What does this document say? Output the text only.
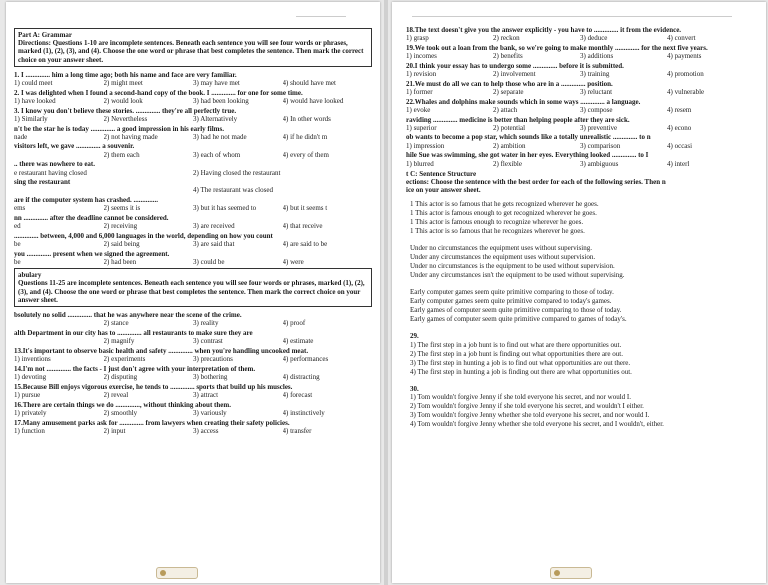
Part A: Grammar
Directions: Questions 1-10 are incomplete sentences. Beneath each sentence you will see four words or phrases, marked (1), (2), (3), and (4). Choose the one word or phrase that best completes the sentence. Then mark the correct choice on your answer sheet.
1. I .............. him a long time ago; both his name and face are very familiar.
1) could meet	2) might meet	3) may have met	4) should have met
2. I was delighted when I found a second-hand copy of the book. I .............. for one for some time.
1) have looked	2) would look	3) had been looking	4) would have looked
3. I know you don't believe these stories. .............. they're all perfectly true.
1) Similarly	2) Nevertheless	3) Alternatively	4) In other words
n't be the star he is today .............. a good impression in his early films.
nade	2) not having made	3) had he not made	4) if he didn't m
visitors left, we gave .............. a souvenir.
2) them each	3) each of whom	4) every of them
.. there was nowhere to eat.
e restaurant having closed	2) Having closed the restaurant
sing the restaurant
4) The restaurant was closed
are if the computer system has crashed. ..............
ems	2) seems it is	3) but it has seemed to	4) but it seems t
nn .............. after the deadline cannot be considered.
ed	2) receiving	3) are received	4) that receive
.............. between, 4,000 and 6,000 languages in the world, depending on how you count
be	2) said being	3) are said that	4) are said to be
you .............. present when we signed the agreement.
be	2) had been	3) could be	4) were
abulary
Questions 11-25 are incomplete sentences. Beneath each sentence you will see four words or phrases, marked (1), (2), (3), and (4). Choose the one word or phrase that best completes the sentence. Then mark the correct choice on your answer sheet.
bsolutely no solid .............. that he was anywhere near the scene of the crime.
2) stance	3) reality	4) proof
alth Department in our city has to .............. all restaurants to make sure they are
2) magnify	3) contrast	4) estimate
13.It's important to observe basic health and safety .............. when you're handling uncooked meat.
1) inventions	2) experiments	3) precautions	4) performances
14.I'm not .............. the facts - I just don't agree with your interpretation of them.
1) devoting	2) disputing	3) bothering	4) distracting
15.Because Bill enjoys vigorous exercise, he tends to .............. sports that build up his muscles.
1) pursue	2) reveal	3) attract	4) forecast
16.There are certain things we do .............., without thinking about them.
1) privately	2) smoothly	3) variously	4) instinctively
17.Many amusement parks ask for .............. from lawyers when creating their safety policies.
1) function	2) input	3) access	4) transfer
18.The text doesn't give you the answer explicitly - you have to .............. it from the evidence.
1) grasp	2) reckon	3) deduce	4) convert
19.We took out a loan from the bank, so we're going to make monthly .............. for the next five years.
1) incomes	2) benefits	3) additions	4) payments
20.I think your essay has to undergo some .............. before it is submitted.
1) revision	2) involvement	3) training	4) promotion
21.We must do all we can to help those who are in a .............. position.
1) former	2) separate	3) reluctant	4) vulnerable
22.Whales and dolphins make sounds which in some ways .............. a language.
1) evoke	2) attach	3) compose	4) resem
raviding .............. medicine is better than helping people after they are sick.
1) superior	2) potential	3) preventive	4) econo
ob wants to become a pop star, which sounds like a totally unrealistic .............. to n
1) impression	2) ambition	3) comparison	4) occasi
hile Sue was swimming, she got water in her eyes. Everything looked .............. to I
1) blurred	2) flexible	3) ambiguous	4) interl
t C: Sentence Structure
ections: Choose the sentence with the best order for each of the following series. Then n
ice on your answer sheet.
1 This actor is so famous that he gets recognized wherever he goes.
1 This actor is famous enough to get recognized wherever he goes.
1 This actor is famous enough to recognize wherever he goes.
1 This actor is so famous that he recognizes wherever he goes.
Under no circumstances the equipment uses without supervising.
Under any circumstances the equipment uses without supervision.
Under no circumstances is the equipment to be used without supervision.
Under any circumstances isn't the equipment to be used without supervising.
Early computer games seem quite primitive comparing to those of today.
Early computer games seem quite primitive compared to today's games.
Early games of computer seem quite primitive comparing to those of today.
Early games of computer seem quite primitive compared to games of today's.
29.
1) The first step in a job hunt is to find out what are there opportunities out.
2) The first step in a job hunt is finding out what opportunities there are out.
3) The first step in hunting a job is to find out what opportunities are out there.
4) The first step in hunting a job is finding out there are what opportunities out.
30.
1) Tom wouldn't forgive Jenny if she told everyone his secret, and nor would I.
2) Tom wouldn't forgive Jenny if she told everyone his secret, and wouldn't I either.
3) Tom wouldn't forgive Jenny whether she told everyone his secret, and nor would I.
4) Tom wouldn't forgive Jenny whether she told everyone his secret, and I wouldn't, either.
